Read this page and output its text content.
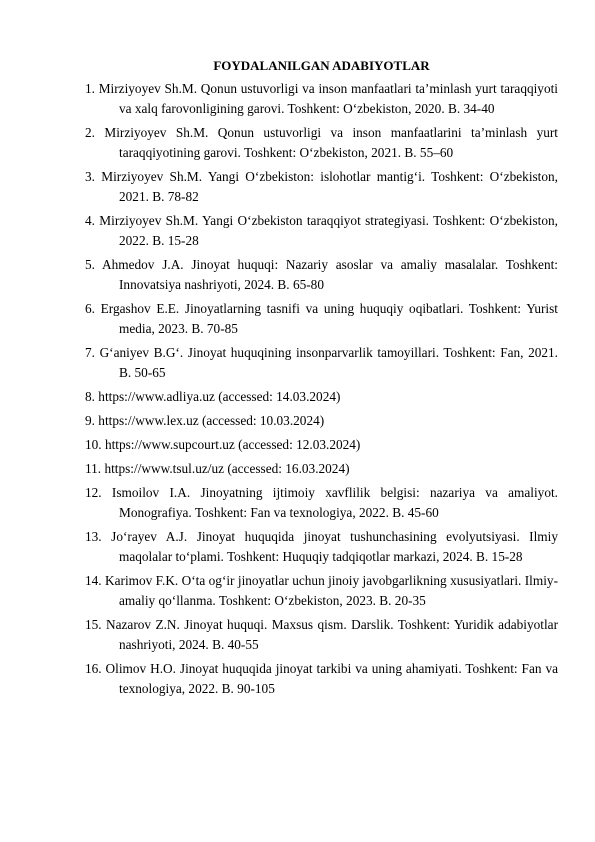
FOYDALANILGAN ADABIYOTLAR
1. Mirziyoyev Sh.M. Qonun ustuvorligi va inson manfaatlari ta’minlash yurt taraqqiyoti va xalq farovonligining garovi. Toshkent: O‘zbekiston, 2020. B. 34-40
2. Mirziyoyev Sh.M. Qonun ustuvorligi va inson manfaatlarini ta’minlash yurt taraqqiyotining garovi. Toshkent: O‘zbekiston, 2021. B. 55–60
3. Mirziyoyev Sh.M. Yangi O‘zbekiston: islohotlar mantig‘i. Toshkent: O‘zbekiston, 2021. B. 78-82
4. Mirziyoyev Sh.M. Yangi O‘zbekiston taraqqiyot strategiyasi. Toshkent: O‘zbekiston, 2022. B. 15-28
5. Ahmedov J.A. Jinoyat huquqi: Nazariy asoslar va amaliy masalalar. Toshkent: Innovatsiya nashriyoti, 2024. B. 65-80
6. Ergashov E.E. Jinoyatlarning tasnifi va uning huquqiy oqibatlari. Toshkent: Yurist media, 2023. B. 70-85
7. G‘aniyev B.G‘. Jinoyat huquqining insonparvarlik tamoyillari. Toshkent: Fan, 2021. B. 50-65
8. https://www.adliya.uz (accessed: 14.03.2024)
9. https://www.lex.uz (accessed: 10.03.2024)
10. https://www.supcourt.uz (accessed: 12.03.2024)
11. https://www.tsul.uz/uz (accessed: 16.03.2024)
12. Ismoilov I.A. Jinoyatning ijtimoiy xavflilik belgisi: nazariya va amaliyot. Monografiya. Toshkent: Fan va texnologiya, 2022. B. 45-60
13. Jo‘rayev A.J. Jinoyat huquqida jinoyat tushunchasining evolyutsiyasi. Ilmiy maqolalar to‘plami. Toshkent: Huquqiy tadqiqotlar markazi, 2024. B. 15-28
14. Karimov F.K. O‘ta og‘ir jinoyatlar uchun jinoiy javobgarlikning xususiyatlari. Ilmiy-amaliy qo‘llanma. Toshkent: O‘zbekiston, 2023. B. 20-35
15. Nazarov Z.N. Jinoyat huquqi. Maxsus qism. Darslik. Toshkent: Yuridik adabiyotlar nashriyoti, 2024. B. 40-55
16. Olimov H.O. Jinoyat huquqida jinoyat tarkibi va uning ahamiyati. Toshkent: Fan va texnologiya, 2022. B. 90-105
